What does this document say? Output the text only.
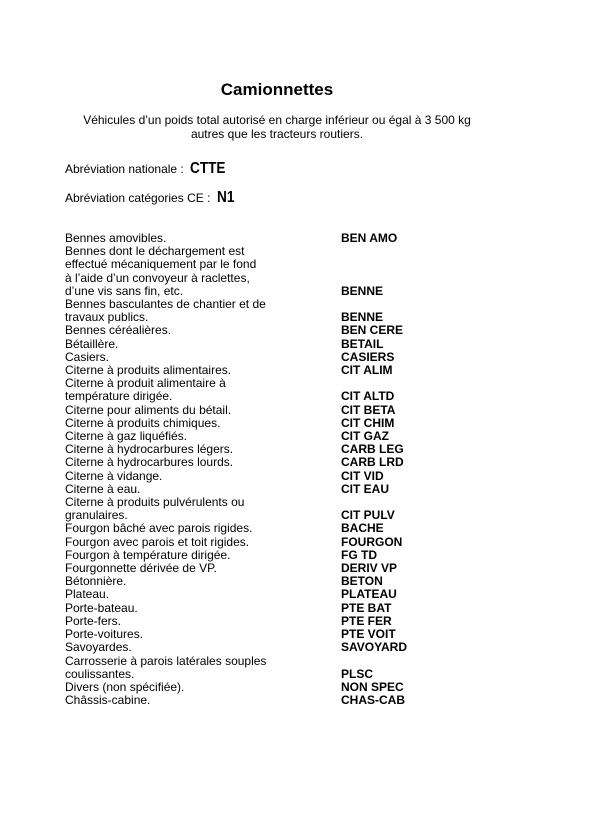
Camionnettes
Véhicules d’un poids total autorisé en charge inférieur ou égal à 3 500 kg
autres que les tracteurs routiers.
Abréviation nationale : CTTE
Abréviation catégories CE : N1
Bennes amovibles.	BEN AMO
Bennes dont le déchargement est
effectué mécaniquement par le fond
à l’aide d’un convoyeur à raclettes,
d’une vis sans fin, etc.	BENNE
Bennes basculantes de chantier et de
travaux publics.	BENNE
Bennes céréalières.	BEN CERE
Bétaillère.	BETAIL
Casiers.	CASIERS
Citerne à produits alimentaires.	CIT ALIM
Citerne à produit alimentaire à
température dirigée.	CIT ALTD
Citerne pour aliments du bétail.	CIT BETA
Citerne à produits chimiques.	CIT CHIM
Citerne à gaz liquéfiés.	CIT GAZ
Citerne à hydrocarbures légers.	CARB LEG
Citerne à hydrocarbures lourds.	CARB LRD
Citerne à vidange.	CIT VID
Citerne à eau.	CIT EAU
Citerne à produits pulvérulents ou
granulaires.	CIT PULV
Fourgon bâché avec parois rigides.	BACHE
Fourgon avec parois et toit rigides.	FOURGON
Fourgon à température dirigée.	FG TD
Fourgonnette dérivée de VP.	DERIV VP
Bétonnière.	BETON
Plateau.	PLATEAU
Porte-bateau.	PTE BAT
Porte-fers.	PTE FER
Porte-voitures.	PTE VOIT
Savoyardes.	SAVOYARD
Carrosserie à parois latérales souples
coulissantes.	PLSC
Divers (non spécifiée).	NON SPEC
Châssis-cabine.	CHAS-CAB
